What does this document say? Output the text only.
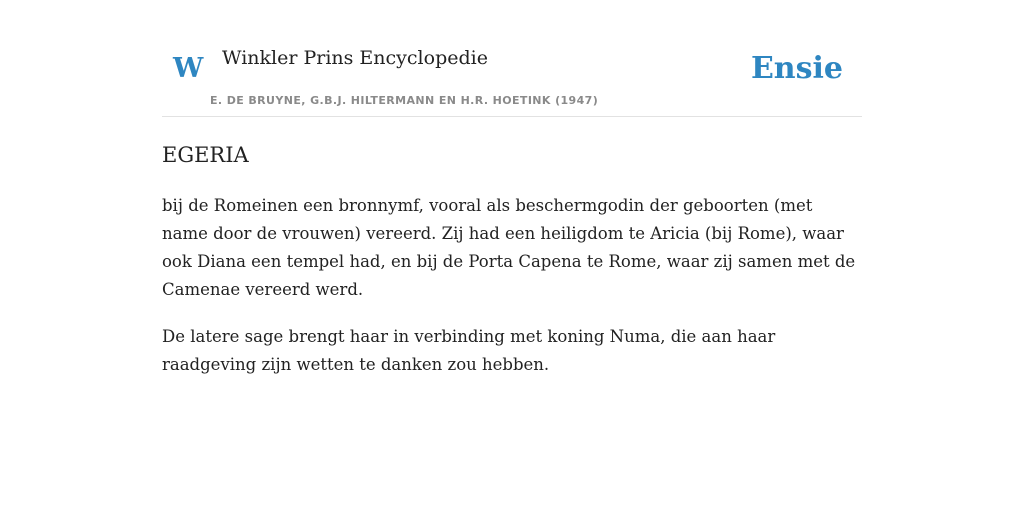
W Winkler Prins Encyclopedie
E. DE BRUYNE, G.B.J. HILTERMANN EN H.R. HOETINK (1947)
Ensie
EGERIA

bij de Romeinen een bronnymf, vooral als beschermgodin der geboorten (met name door de vrouwen) vereerd. Zij had een heiligdom te Aricia (bij Rome), waar ook Diana een tempel had, en bij de Porta Capena te Rome, waar zij samen met de Camenae vereerd werd.

De latere sage brengt haar in verbinding met koning Numa, die aan haar raadgeving zijn wetten te danken zou hebben.
